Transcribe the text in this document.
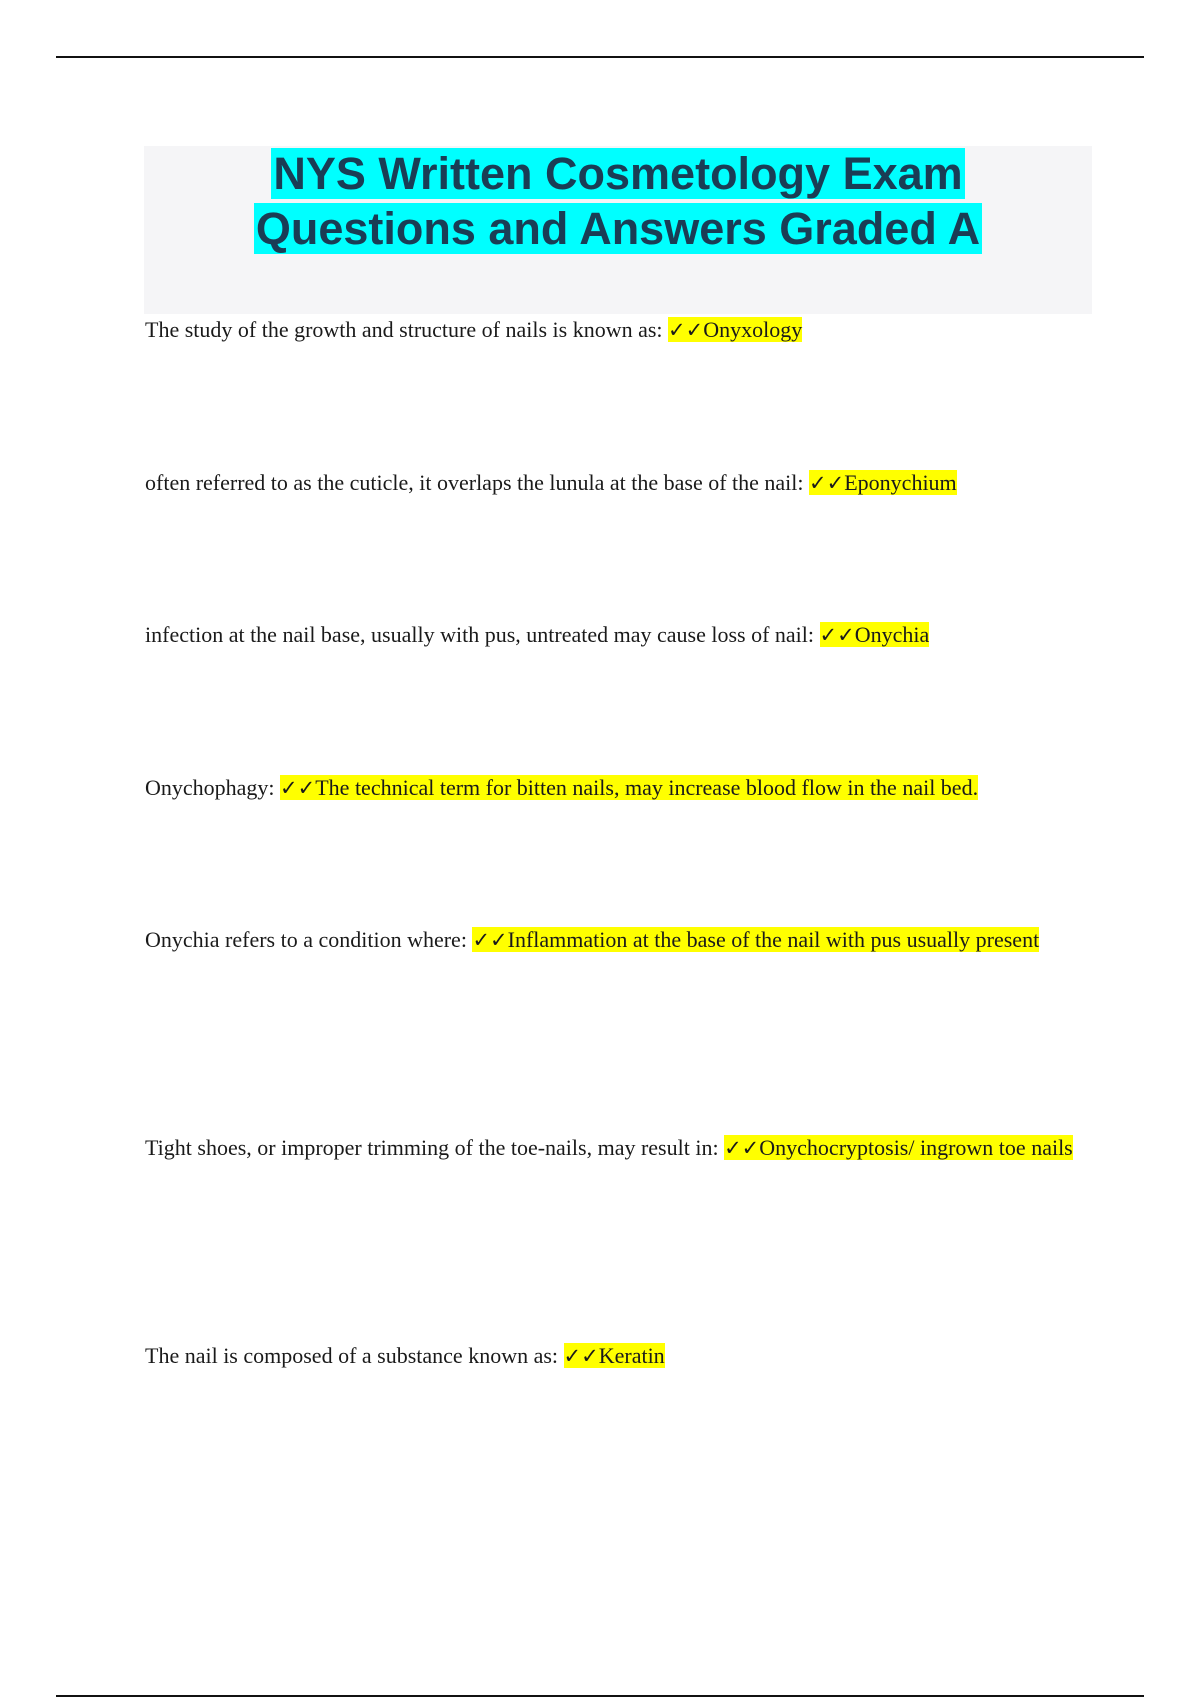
NYS Written Cosmetology Exam
Questions and Answers Graded A

The study of the growth and structure of nails is known as: ✓✓Onyxology

often referred to as the cuticle, it overlaps the lunula at the base of the nail: ✓✓Eponychium

infection at the nail base, usually with pus, untreated may cause loss of nail: ✓✓Onychia

Onychophagy: ✓✓The technical term for bitten nails, may increase blood flow in the nail bed.

Onychia refers to a condition where: ✓✓Inflammation at the base of the nail with pus usually present

Tight shoes, or improper trimming of the toe-nails, may result in: ✓✓Onychocryptosis/ ingrown toe nails

The nail is composed of a substance known as: ✓✓Keratin
